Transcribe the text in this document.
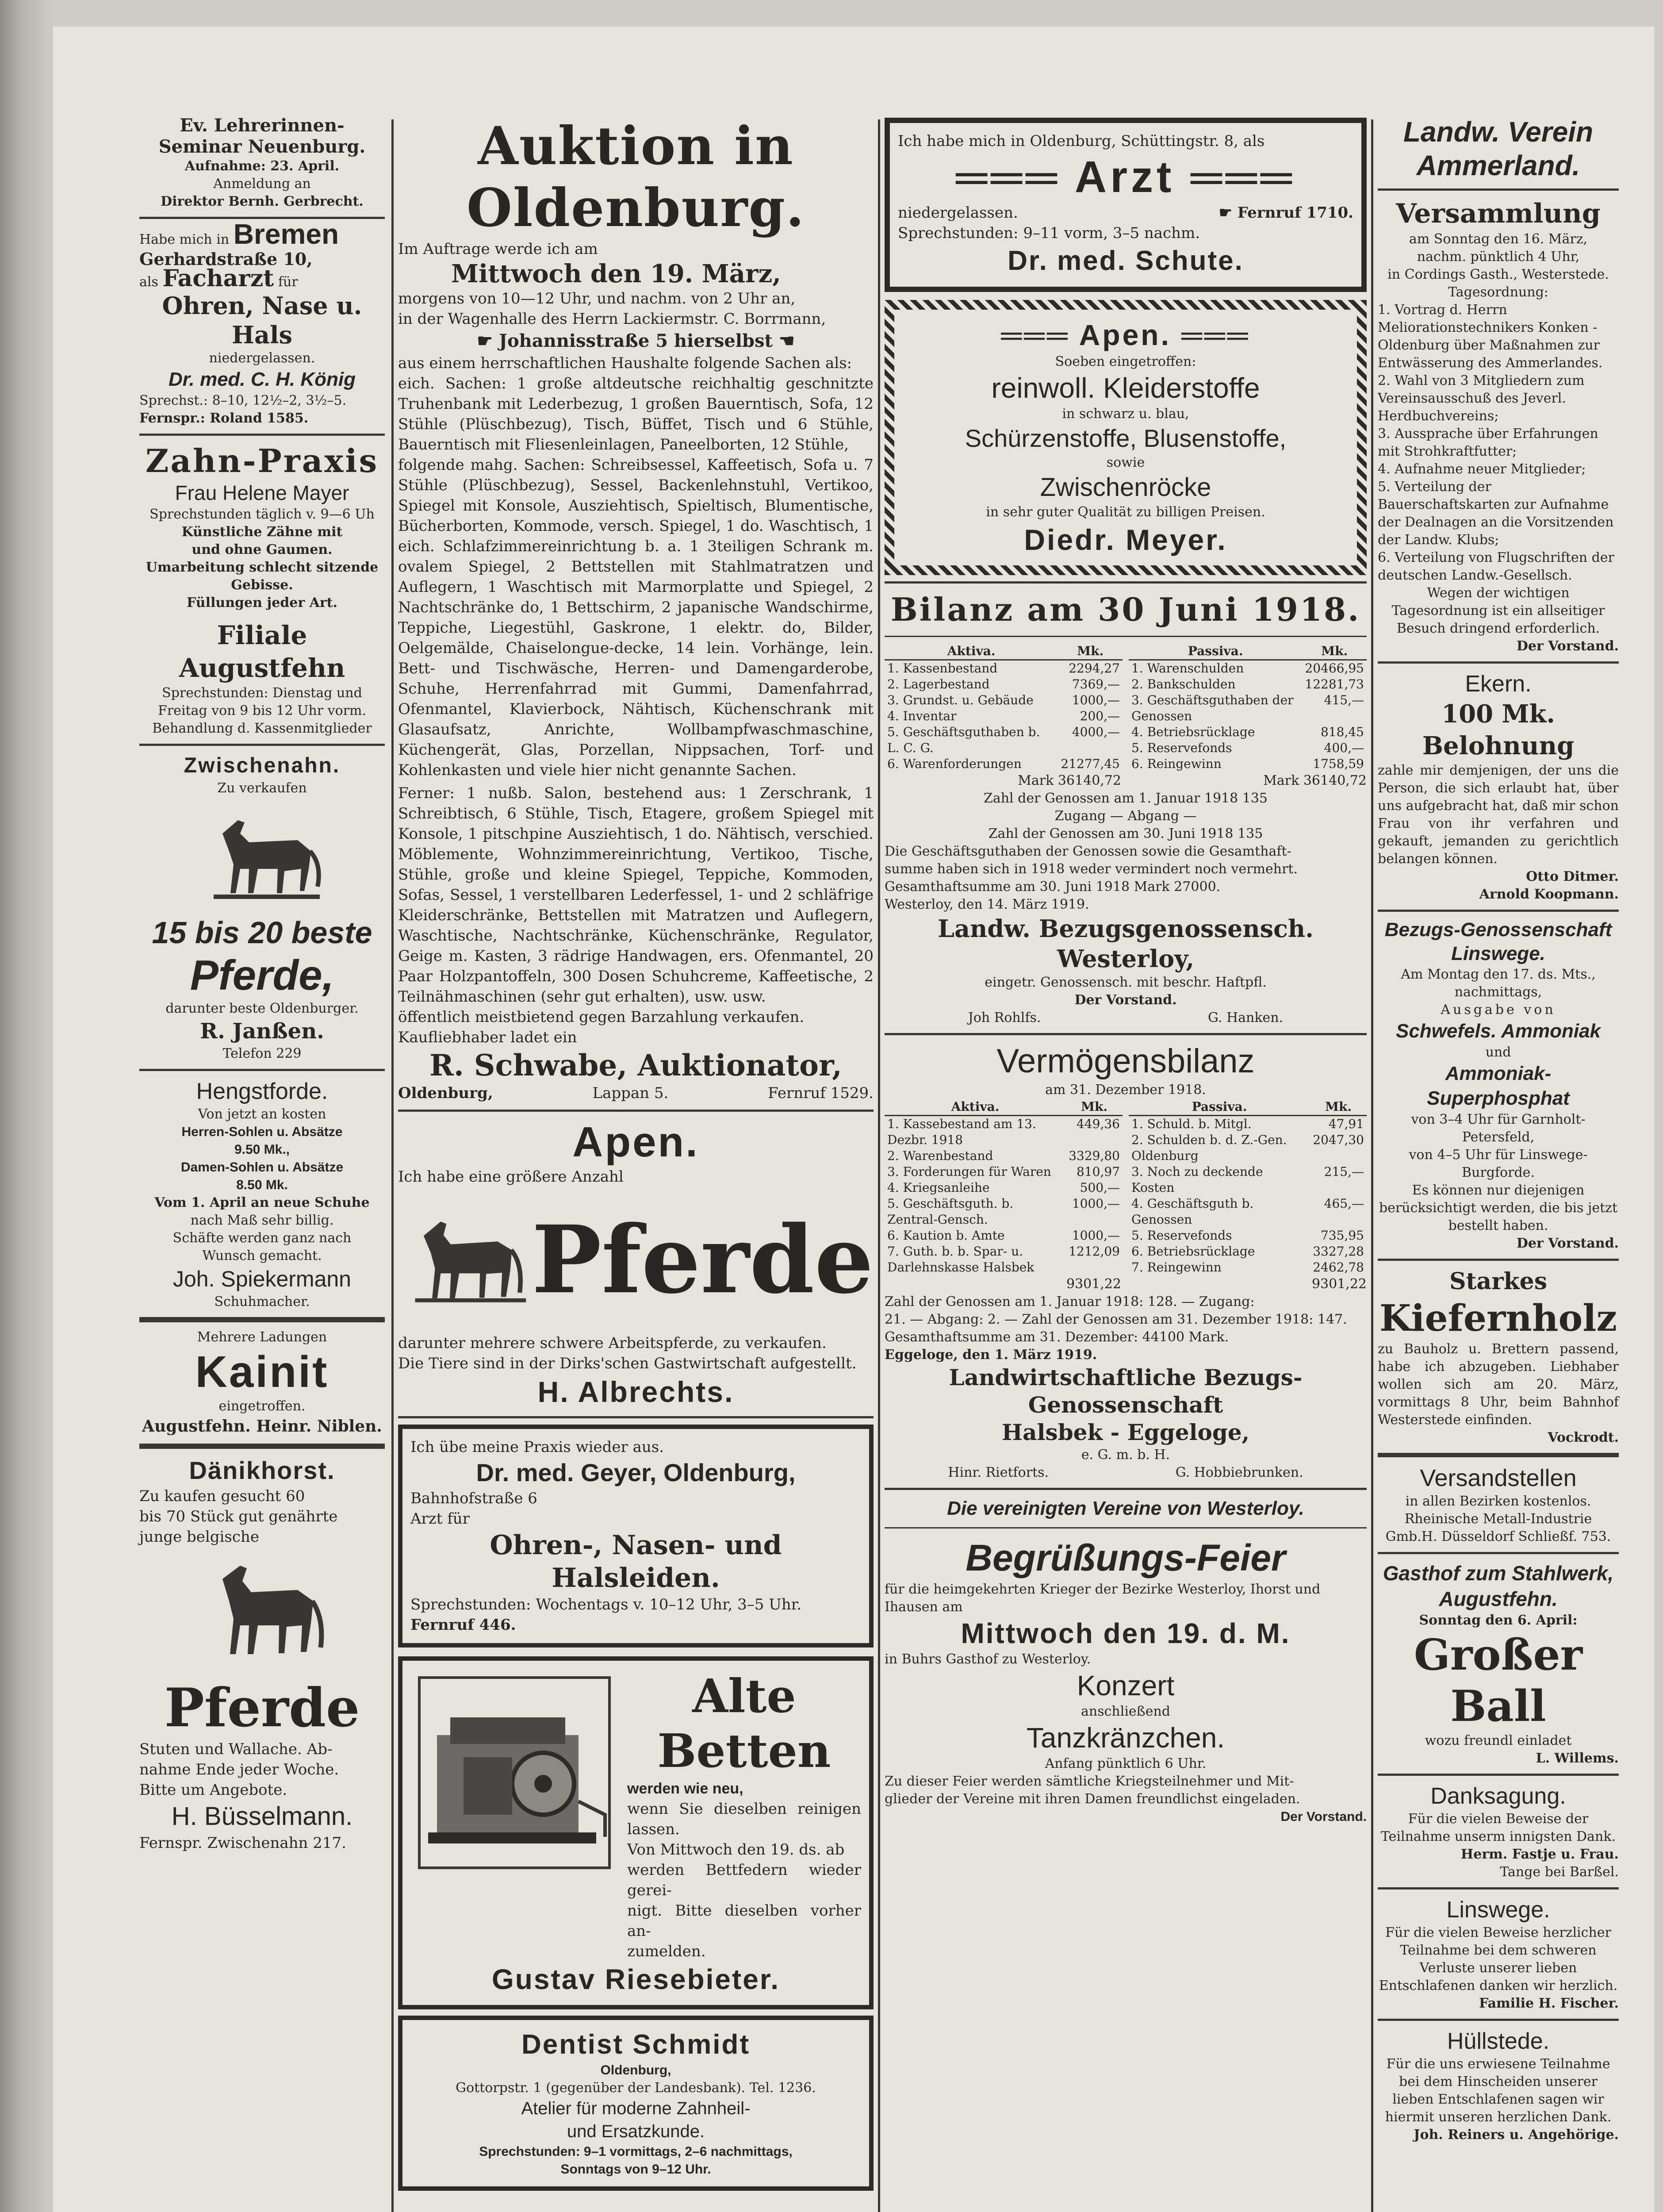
Ev. Lehrerinnen-Seminar Neuenburg.

Aufnahme: 23. April.

Anmeldung an

Direktor Bernh. Gerbrecht.

Habe mich in Bremen

Gerhardstraße 10,

als Facharzt für

Ohren, Nase u. Hals

niedergelassen.

Dr. med. C. H. König

Sprechst.: 8–10, 12½–2, 3½–5.

Fernspr.: Roland 1585.

Zahn-Praxis

Frau Helene Mayer

Sprechstunden täglich v. 9—6 Uh

Künstliche Zähne mit

und ohne Gaumen.

Umarbeitung schlecht sitzende

Gebisse.

Füllungen jeder Art.

Filiale Augustfehn

Sprechstunden: Dienstag und

Freitag von 9 bis 12 Uhr vorm.

Behandlung d. Kassenmitglieder

Zwischenahn.

Zu verkaufen

15 bis 20 beste

Pferde,

darunter beste Oldenburger.

R. Janßen.

Telefon 229

Hengstforde.

Von jetzt an kosten

Herren-Sohlen u. Absätze

9.50 Mk.,

Damen-Sohlen u. Absätze

8.50 Mk.

Vom 1. April an neue Schuhe

nach Maß sehr billig.

Schäfte werden ganz nach

Wunsch gemacht.

Joh. Spiekermann

Schuhmacher.

Mehrere Ladungen

Kainit

eingetroffen.

Augustfehn. Heinr. Niblen.

Dänikhorst.

Zu kaufen gesucht 60

bis 70 Stück gut genährte

junge belgische

Pferde

Stuten und Wallache. Ab-

nahme Ende jeder Woche.

Bitte um Angebote.

H. Büsselmann.

Fernspr. Zwischenahn 217.

Auktion in Oldenburg.

Im Auftrage werde ich am

Mittwoch den 19. März,

morgens von 10—12 Uhr, und nachm. von 2 Uhr an,

in der Wagenhalle des Herrn Lackiermstr. C. Borrmann,

☛ Johannisstraße 5 hierselbst ☚

aus einem herrschaftlichen Haushalte folgende Sachen als:

eich. Sachen: 1 große altdeutsche reichhaltig geschnitzte Truhenbank mit Lederbezug, 1 großen Bauerntisch, Sofa, 12 Stühle (Plüschbezug), Tisch, Büffet, Tisch und 6 Stühle, Bauerntisch mit Fliesenleinlagen, Paneelborten, 12 Stühle,

folgende mahg. Sachen: Schreibsessel, Kaffeetisch, Sofa u. 7 Stühle (Plüschbezug), Sessel, Backenlehnstuhl, Vertikoo, Spiegel mit Konsole, Ausziehtisch, Spieltisch, Blumentische, Bücherborten, Kommode, versch. Spiegel, 1 do. Waschtisch, 1 eich. Schlafzimmereinrichtung b. a. 1 3teiligen Schrank m. ovalem Spiegel, 2 Bettstellen mit Stahlmatratzen und Auflegern, 1 Waschtisch mit Marmorplatte und Spiegel, 2 Nachtschränke do, 1 Bettschirm, 2 japanische Wandschirme, Teppiche, Liegestühl, Gaskrone, 1 elektr. do, Bilder, Oelgemälde, Chaiselongue-decke, 14 lein. Vorhänge, lein. Bett- und Tischwäsche, Herren- und Damengarderobe, Schuhe, Herrenfahrrad mit Gummi, Damenfahrrad, Ofenmantel, Klavierbock, Nähtisch, Küchenschrank mit Glasaufsatz, Anrichte, Wollbampfwaschmaschine, Küchengerät, Glas, Porzellan, Nippsachen, Torf- und Kohlenkasten und viele hier nicht genannte Sachen.

Ferner: 1 nußb. Salon, bestehend aus: 1 Zerschrank, 1 Schreibtisch, 6 Stühle, Tisch, Etagere, großem Spiegel mit Konsole, 1 pitschpine Ausziehtisch, 1 do. Nähtisch, verschied. Möblemente, Wohnzimmereinrichtung, Vertikoo, Tische, Stühle, große und kleine Spiegel, Teppiche, Kommoden, Sofas, Sessel, 1 verstellbaren Lederfessel, 1- und 2 schläfrige Kleiderschränke, Bettstellen mit Matratzen und Auflegern, Waschtische, Nachtschränke, Küchenschränke, Regulator, Geige m. Kasten, 3 rädrige Handwagen, ers. Ofenmantel, 20 Paar Holzpantoffeln, 300 Dosen Schuhcreme, Kaffeetische, 2 Teilnähmaschinen (sehr gut erhalten), usw. usw.

öffentlich meistbietend gegen Barzahlung verkaufen.

Kaufliebhaber ladet ein

R. Schwabe, Auktionator,

Oldenburg,	Lappan 5.	Fernruf 1529.

Apen.

Ich habe eine größere Anzahl

Pferde

darunter mehrere schwere Arbeitspferde, zu verkaufen.

Die Tiere sind in der Dirks'schen Gastwirtschaft aufgestellt.

H. Albrechts.

Ich übe meine Praxis wieder aus.

Dr. med. Geyer, Oldenburg,

Bahnhofstraße 6

Arzt für

Ohren-, Nasen- und Halsleiden.

Sprechstunden: Wochentags v. 10–12 Uhr, 3–5 Uhr.

Fernruf 446.

Alte Betten

werden wie neu,

wenn Sie dieselben reinigen lassen.

Von Mittwoch den 19. ds. ab

werden Bettfedern wieder gerei-

nigt. Bitte dieselben vorher an-

zumelden.

Gustav Riesebieter.

Dentist Schmidt

Oldenburg,

Gottorpstr. 1 (gegenüber der Landesbank). Tel. 1236.

Atelier für moderne Zahnheil-

und Ersatzkunde.

Sprechstunden: 9–1 vormittags, 2–6 nachmittags,

Sonntags von 9–12 Uhr.

Ich habe mich in Oldenburg, Schüttingstr. 8, als

═══ Arzt ═══

niedergelassen.	☛ Fernruf 1710.

Sprechstunden: 9–11 vorm, 3–5 nachm.

Dr. med. Schute.

═══ Apen. ═══

Soeben eingetroffen:

reinwoll. Kleiderstoffe

in schwarz u. blau,

Schürzenstoffe, Blusenstoffe,

sowie

Zwischenröcke

in sehr guter Qualität zu billigen Preisen.

Diedr. Meyer.

Bilanz am 30 Juni 1918.

Aktiva.	Mk.
1. Kassenbestand	2294,27
2. Lagerbestand	7369,—
3. Grundst. u. Gebäude	1000,—
4. Inventar	200,—
5. Geschäftsguthaben b. L. C. G.	4000,—
6. Warenforderungen	21277,45
Passiva.	Mk.
1. Warenschulden	20466,95
2. Bankschulden	12281,73
3. Geschäftsguthaben der Genossen	415,—
4. Betriebsrücklage	818,45
5. Reservefonds	400,—
6. Reingewinn	1758,59

Mark 36140,72	Mark 36140,72

Zahl der Genossen am 1. Januar 1918 135

Zugang — Abgang —

Zahl der Genossen am 30. Juni 1918 135

Die Geschäftsguthaben der Genossen sowie die Gesamthaft-

summe haben sich in 1918 weder vermindert noch vermehrt.

Gesamthaftsumme am 30. Juni 1918 Mark 27000.

Westerloy, den 14. März 1919.

Landw. Bezugsgenossensch. Westerloy,

eingetr. Genossensch. mit beschr. Haftpfl.

Der Vorstand.

Joh Rohlfs.	G. Hanken.

Vermögensbilanz

am 31. Dezember 1918.

Aktiva.	Mk.
1. Kassebestand am 13. Dezbr. 1918	449,36
2. Warenbestand	3329,80
3. Forderungen für Waren	810,97
4. Kriegsanleihe	500,—
5. Geschäftsguth. b. Zentral-Gensch.	1000,—
6. Kaution b. Amte	1000,—
7. Guth. b. b. Spar- u. Darlehnskasse Halsbek	1212,09
Passiva.	Mk.
1. Schuld. b. Mitgl.	47,91
2. Schulden b. d. Z.-Gen. Oldenburg	2047,30
3. Noch zu deckende Kosten	215,—
4. Geschäftsguth b. Genossen	465,—
5. Reservefonds	735,95
6. Betriebsrücklage	3327,28
7. Reingewinn	2462,78

9301,22	9301,22

Zahl der Genossen am 1. Januar 1918: 128. — Zugang:

21. — Abgang: 2. — Zahl der Genossen am 31. Dezember 1918: 147.

Gesamthaftsumme am 31. Dezember: 44100 Mark.

Eggeloge, den 1. März 1919.

Landwirtschaftliche Bezugs-Genossenschaft

Halsbek - Eggeloge,

e. G. m. b. H.

Hinr. Rietforts.	G. Hobbiebrunken.

Die vereinigten Vereine von Westerloy.

Begrüßungs-Feier

für die heimgekehrten Krieger der Bezirke Westerloy, Ihorst und

Ihausen am

Mittwoch den 19. d. M.

in Buhrs Gasthof zu Westerloy.

Konzert

anschließend

Tanzkränzchen.

Anfang pünktlich 6 Uhr.

Zu dieser Feier werden sämtliche Kriegsteilnehmer und Mit-

glieder der Vereine mit ihren Damen freundlichst eingeladen.

Der Vorstand.

Landw. Verein Ammerland.

Versammlung

am Sonntag den 16. März,

nachm. pünktlich 4 Uhr,

in Cordings Gasth., Westerstede.

Tagesordnung:

1. Vortrag d. Herrn Meliorationstechnikers Konken - Oldenburg über Maßnahmen zur Entwässerung des Ammerlandes.

2. Wahl von 3 Mitgliedern zum Vereinsausschuß des Jeverl. Herdbuchvereins;

3. Aussprache über Erfahrungen mit Strohkraftfutter;

4. Aufnahme neuer Mitglieder;

5. Verteilung der Bauerschaftskarten zur Aufnahme der Dealnagen an die Vorsitzenden der Landw. Klubs;

6. Verteilung von Flugschriften der deutschen Landw.-Gesellsch.

Wegen der wichtigen Tagesordnung ist ein allseitiger Besuch dringend erforderlich.

Der Vorstand.

Ekern.

100 Mk. Belohnung

zahle mir demjenigen, der uns die Person, die sich erlaubt hat, über uns aufgebracht hat, daß mir schon Frau von ihr verfahren und gekauft, jemanden zu gerichtlich belangen können.

Otto Ditmer.

Arnold Koopmann.

Bezugs-Genossenschaft Linswege.

Am Montag den 17. ds. Mts.,

nachmittags,

Ausgabe von

Schwefels. Ammoniak

und

Ammoniak-Superphosphat

von 3–4 Uhr für Garnholt-Petersfeld,

von 4–5 Uhr für Linswege-Burgforde.

Es können nur diejenigen berücksichtigt werden, die bis jetzt bestellt haben.

Der Vorstand.

Starkes

Kiefernholz

zu Bauholz u. Brettern passend, habe ich abzugeben. Liebhaber wollen sich am 20. März, vormittags 8 Uhr, beim Bahnhof Westerstede einfinden.

Vockrodt.

Versandstellen

in allen Bezirken kostenlos.

Rheinische Metall-Industrie

Gmb.H. Düsseldorf Schließf. 753.

Gasthof zum Stahlwerk,

Augustfehn.

Sonntag den 6. April:

Großer Ball

wozu freundl einladet

L. Willems.

Danksagung.

Für die vielen Beweise der Teilnahme unserm innigsten Dank.

Herm. Fastje u. Frau.

Tange bei Barßel.

Linswege.

Für die vielen Beweise herzlicher Teilnahme bei dem schweren Verluste unserer lieben Entschlafenen danken wir herzlich.

Familie H. Fischer.

Hüllstede.

Für die uns erwiesene Teilnahme bei dem Hinscheiden unserer lieben Entschlafenen sagen wir hiermit unseren herzlichen Dank.

Joh. Reiners u. Angehörige.
